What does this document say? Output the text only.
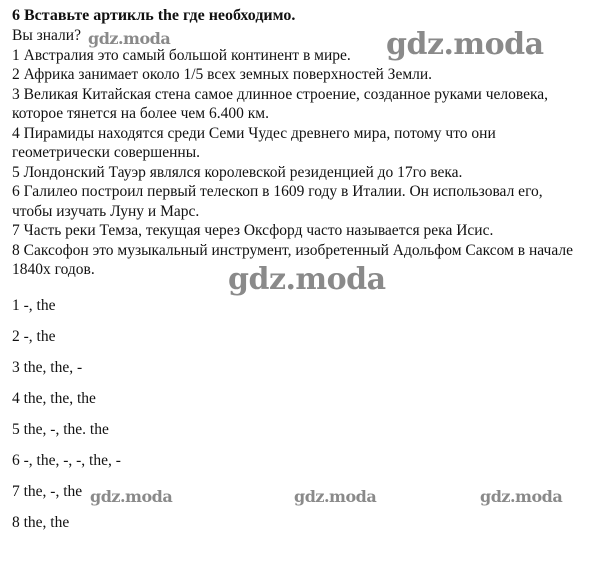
6 Вставьте артикль the где необходимо.

Вы знали?

1 Австралия это самый большой континент в мире.

2 Африка занимает около 1/5 всех земных поверхностей Земли.

3 Великая Китайская стена самое длинное строение, созданное руками человека, которое тянется на более чем 6.400 км.

4 Пирамиды находятся среди Семи Чудес древнего мира, потому что они геометрически совершенны.

5 Лондонский Тауэр являлся королевской резиденцией до 17го века.

6 Галилео построил первый телескоп в 1609 году в Италии. Он использовал его, чтобы изучать Луну и Марс.

7 Часть реки Темза, текущая через Оксфорд часто называется река Исис.

8 Саксофон это музыкальный инструмент, изобретенный Адольфом Саксом в начале 1840х годов.

1 -, the

2 -, the

3 the, the, -

4 the, the, the

5 the, -, the. the

6 -, the, -, -, the, -

7 the, -, the

8 the, the

gdz.moda	gdz.moda
gdz.moda
gdz.moda	gdz.moda	gdz.moda
